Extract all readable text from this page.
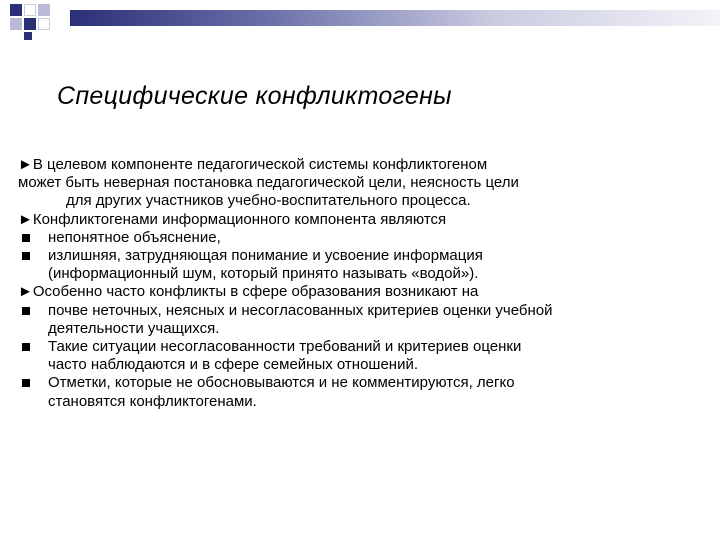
Специфические конфликтогены
►В целевом компоненте педагогической системы конфликтогеном
может быть неверная постановка педагогической цели, неясность цели
для других участников учебно-воспитательного процесса.
►Конфликтогенами информационного компонента являются
непонятное объяснение,
излишняя, затрудняющая понимание и усвоение информация
(информационный шум, который принято называть «водой»).
►Особенно часто конфликты в сфере образования возникают на
почве неточных, неясных и несогласованных критериев оценки учебной
деятельности учащихся.
Такие ситуации несогласованности требований и критериев оценки
часто наблюдаются и в сфере семейных отношений.
Отметки, которые не обосновываются и не комментируются, легко
становятся конфликтогенами.
